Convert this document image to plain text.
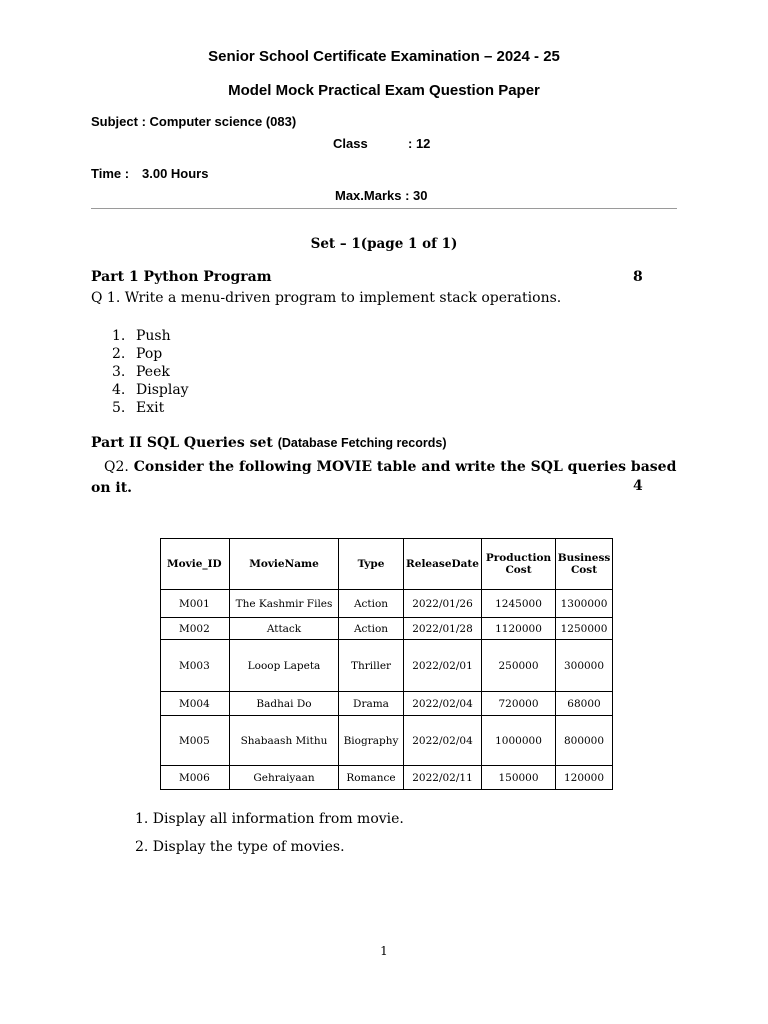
Senior School Certificate Examination – 2024 - 25
Model Mock Practical Exam Question Paper
Subject : Computer science (083)
Class	: 12
Time : 3.00 Hours
Max.Marks : 30
Set – 1(page 1 of 1)
Part 1 Python Program	8
Q 1. Write a menu-driven program to implement stack operations.
1. Push
2. Pop
3. Peek
4. Display
5. Exit
Part II SQL Queries set (Database Fetching records)
Q2. Consider the following MOVIE table and write the SQL queries based on it.	4
Movie_ID	MovieName	Type	ReleaseDate	Production Cost	Business Cost
M001	The Kashmir Files	Action	2022/01/26	1245000	1300000
M002	Attack	Action	2022/01/28	1120000	1250000
M003	Looop Lapeta	Thriller	2022/02/01	250000	300000
M004	Badhai Do	Drama	2022/02/04	720000	68000
M005	Shabaash Mithu	Biography	2022/02/04	1000000	800000
M006	Gehraiyaan	Romance	2022/02/11	150000	120000
1. Display all information from movie.
2. Display the type of movies.
1
